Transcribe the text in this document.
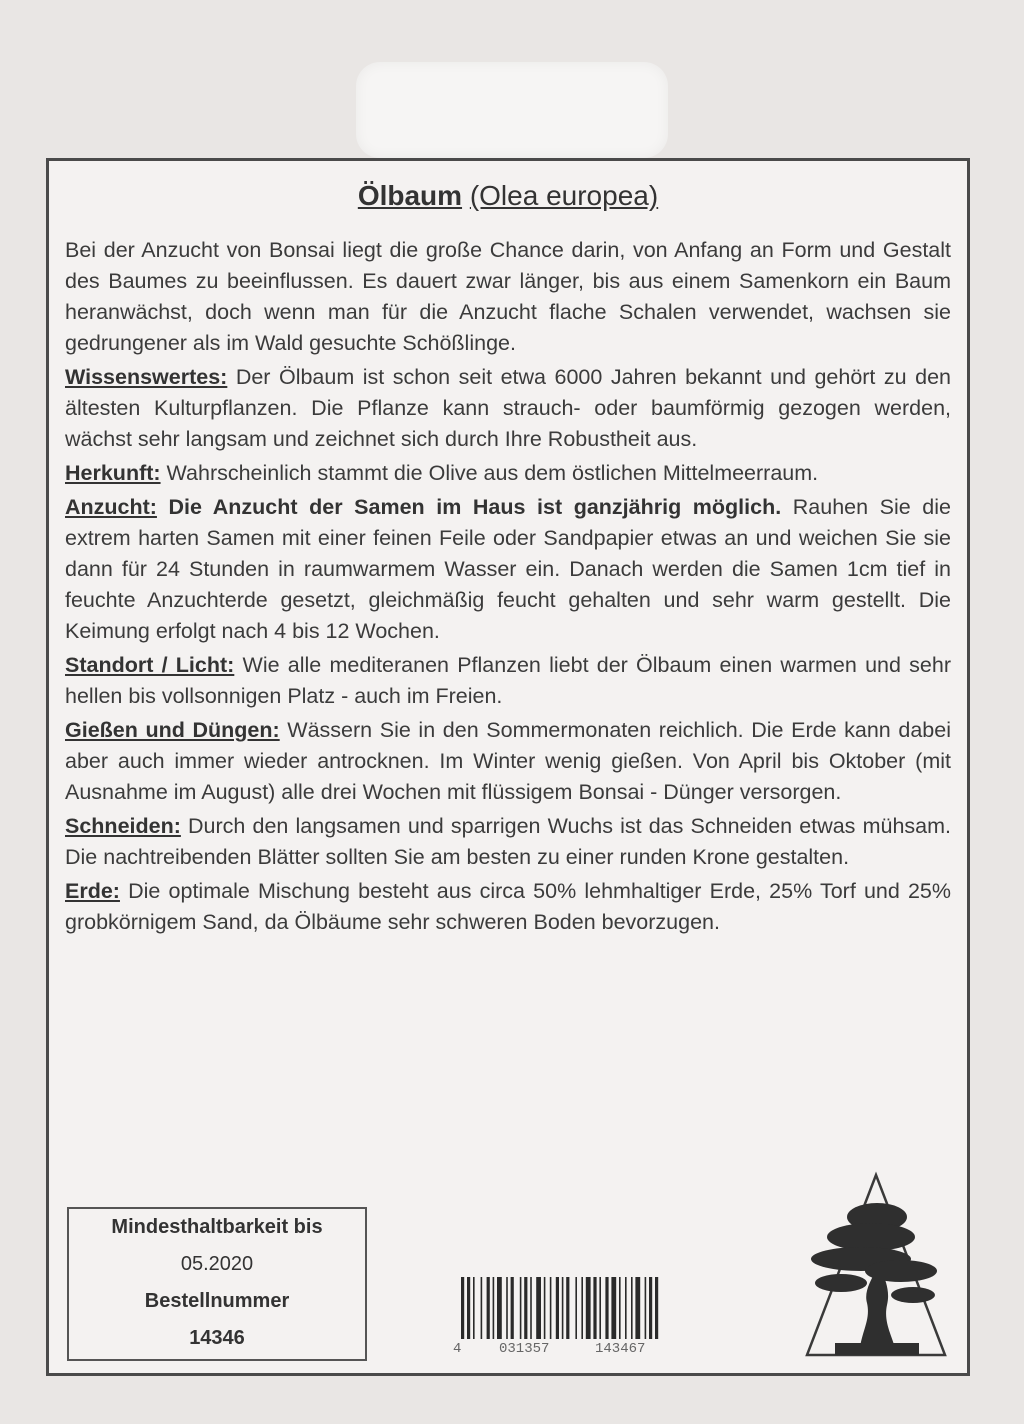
Ölbaum (Olea europea)

Bei der Anzucht von Bonsai liegt die große Chance darin, von Anfang an Form und Gestalt des Baumes zu beeinflussen. Es dauert zwar länger, bis aus einem Samenkorn ein Baum heranwächst, doch wenn man für die Anzucht flache Schalen verwendet, wachsen sie gedrungener als im Wald gesuchte Schößlinge.

Wissenswertes: Der Ölbaum ist schon seit etwa 6000 Jahren bekannt und gehört zu den ältesten Kulturpflanzen. Die Pflanze kann strauch- oder baumförmig gezogen werden, wächst sehr langsam und zeichnet sich durch Ihre Robustheit aus.

Herkunft: Wahrscheinlich stammt die Olive aus dem östlichen Mittelmeerraum.

Anzucht: Die Anzucht der Samen im Haus ist ganzjährig möglich. Rauhen Sie die extrem harten Samen mit einer feinen Feile oder Sandpapier etwas an und weichen Sie sie dann für 24 Stunden in raumwarmem Wasser ein. Danach werden die Samen 1cm tief in feuchte Anzuchterde gesetzt, gleichmäßig feucht gehalten und sehr warm gestellt. Die Keimung erfolgt nach 4 bis 12 Wochen.

Standort / Licht: Wie alle mediteranen Pflanzen liebt der Ölbaum einen warmen und sehr hellen bis vollsonnigen Platz - auch im Freien.

Gießen und Düngen: Wässern Sie in den Sommermonaten reichlich. Die Erde kann dabei aber auch immer wieder antrocknen. Im Winter wenig gießen. Von April bis Oktober (mit Ausnahme im August) alle drei Wochen mit flüssigem Bonsai - Dünger versorgen.

Schneiden: Durch den langsamen und sparrigen Wuchs ist das Schneiden etwas mühsam. Die nachtreibenden Blätter sollten Sie am besten zu einer runden Krone gestalten.

Erde: Die optimale Mischung besteht aus circa 50% lehmhaltiger Erde, 25% Torf und 25% grobkörnigem Sand, da Ölbäume sehr schweren Boden bevorzugen.

Mindesthaltbarkeit bis
05.2020
Bestellnummer
14346	4	031357	143467
